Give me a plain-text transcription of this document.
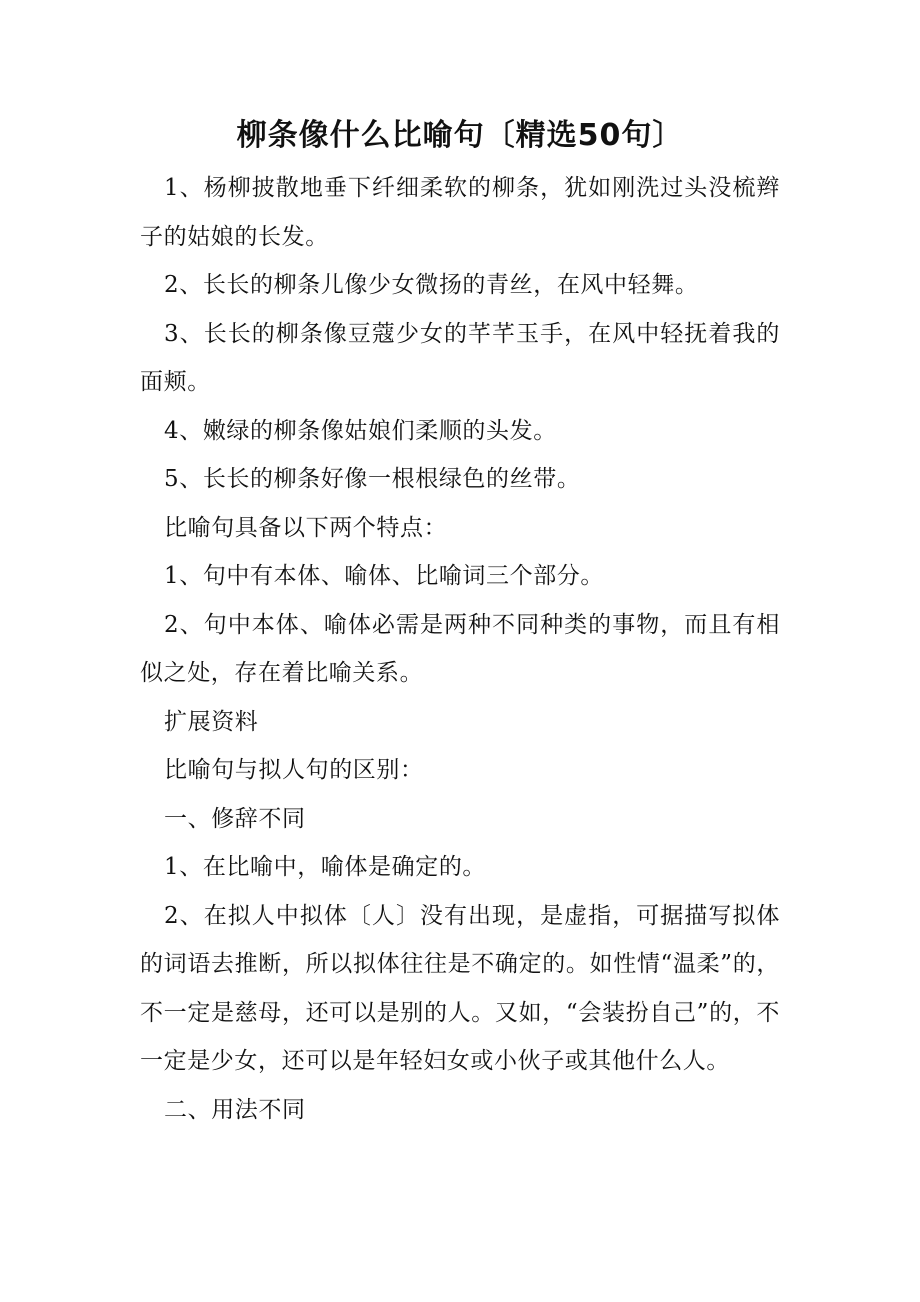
柳条像什么比喻句〔精选50句〕

1、杨柳披散地垂下纤细柔软的柳条，犹如刚洗过头没梳辫子的姑娘的长发。

2、长长的柳条儿像少女微扬的青丝，在风中轻舞。

3、长长的柳条像豆蔻少女的芊芊玉手，在风中轻抚着我的面颊。

4、嫩绿的柳条像姑娘们柔顺的头发。

5、长长的柳条好像一根根绿色的丝带。

比喻句具备以下两个特点：

1、句中有本体、喻体、比喻词三个部分。

2、句中本体、喻体必需是两种不同种类的事物，而且有相似之处，存在着比喻关系。

扩展资料

比喻句与拟人句的区别：

一、修辞不同

1、在比喻中，喻体是确定的。

2、在拟人中拟体〔人〕没有出现，是虚指，可据描写拟体的词语去推断，所以拟体往往是不确定的。如性情“温柔”的，不一定是慈母，还可以是别的人。又如，“会装扮自己”的，不一定是少女，还可以是年轻妇女或小伙子或其他什么人。

二、用法不同
